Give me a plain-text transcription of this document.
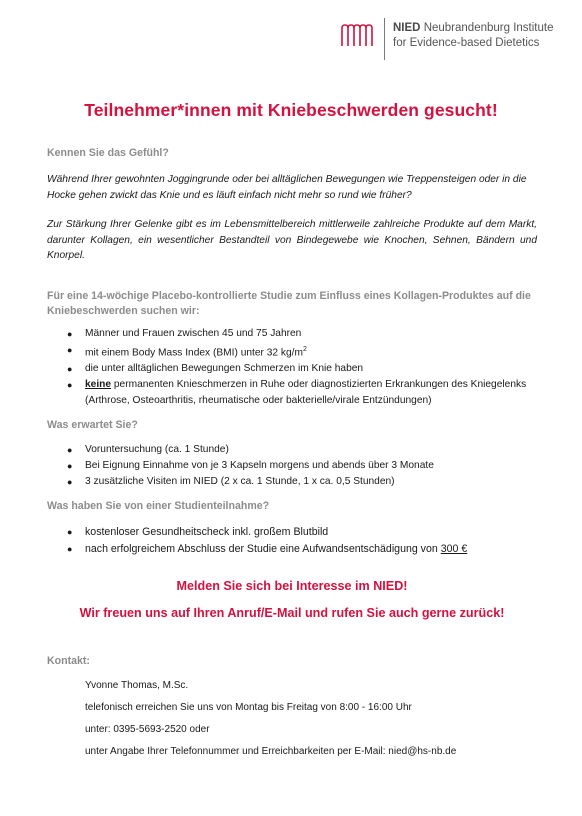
NIED Neubrandenburg Institute
for Evidence-based Dietetics
Teilnehmer*innen mit Kniebeschwerden gesucht!

Kennen Sie das Gefühl?

Während Ihrer gewohnten Joggingrunde oder bei alltäglichen Bewegungen wie Treppensteigen oder in die Hocke gehen zwickt das Knie und es läuft einfach nicht mehr so rund wie früher?

Zur Stärkung Ihrer Gelenke gibt es im Lebensmittelbereich mittlerweile zahlreiche Produkte auf dem Markt, darunter Kollagen, ein wesentlicher Bestandteil von Bindegewebe wie Knochen, Sehnen, Bändern und Knorpel.

Für eine 14-wöchige Placebo-kontrollierte Studie zum Einfluss eines Kollagen-Produktes auf die Kniebeschwerden suchen wir:

● Männer und Frauen zwischen 45 und 75 Jahren
● mit einem Body Mass Index (BMI) unter 32 $kg/m^2$
● die unter alltäglichen Bewegungen Schmerzen im Knie haben
● keine permanenten Knieschmerzen in Ruhe oder diagnostizierten Erkrankungen des Kniegelenks (Arthrose, Osteoarthritis, rheumatische oder bakterielle/virale Entzündungen)

Was erwartet Sie?

● Voruntersuchung (ca. 1 Stunde)
● Bei Eignung Einnahme von je 3 Kapseln morgens und abends über 3 Monate
● 3 zusätzliche Visiten im NIED (2 x ca. 1 Stunde, 1 x ca. 0,5 Stunden)

Was haben Sie von einer Studienteilnahme?

● kostenloser Gesundheitscheck inkl. großem Blutbild
● nach erfolgreichem Abschluss der Studie eine Aufwandsentschädigung von 300 €

Melden Sie sich bei Interesse im NIED!

Wir freuen uns auf Ihren Anruf/E-Mail und rufen Sie auch gerne zurück!

Kontakt:

Yvonne Thomas, M.Sc.
telefonisch erreichen Sie uns von Montag bis Freitag von 8:00 - 16:00 Uhr
unter: 0395-5693-2520 oder
unter Angabe Ihrer Telefonnummer und Erreichbarkeiten per E-Mail: nied@hs-nb.de
